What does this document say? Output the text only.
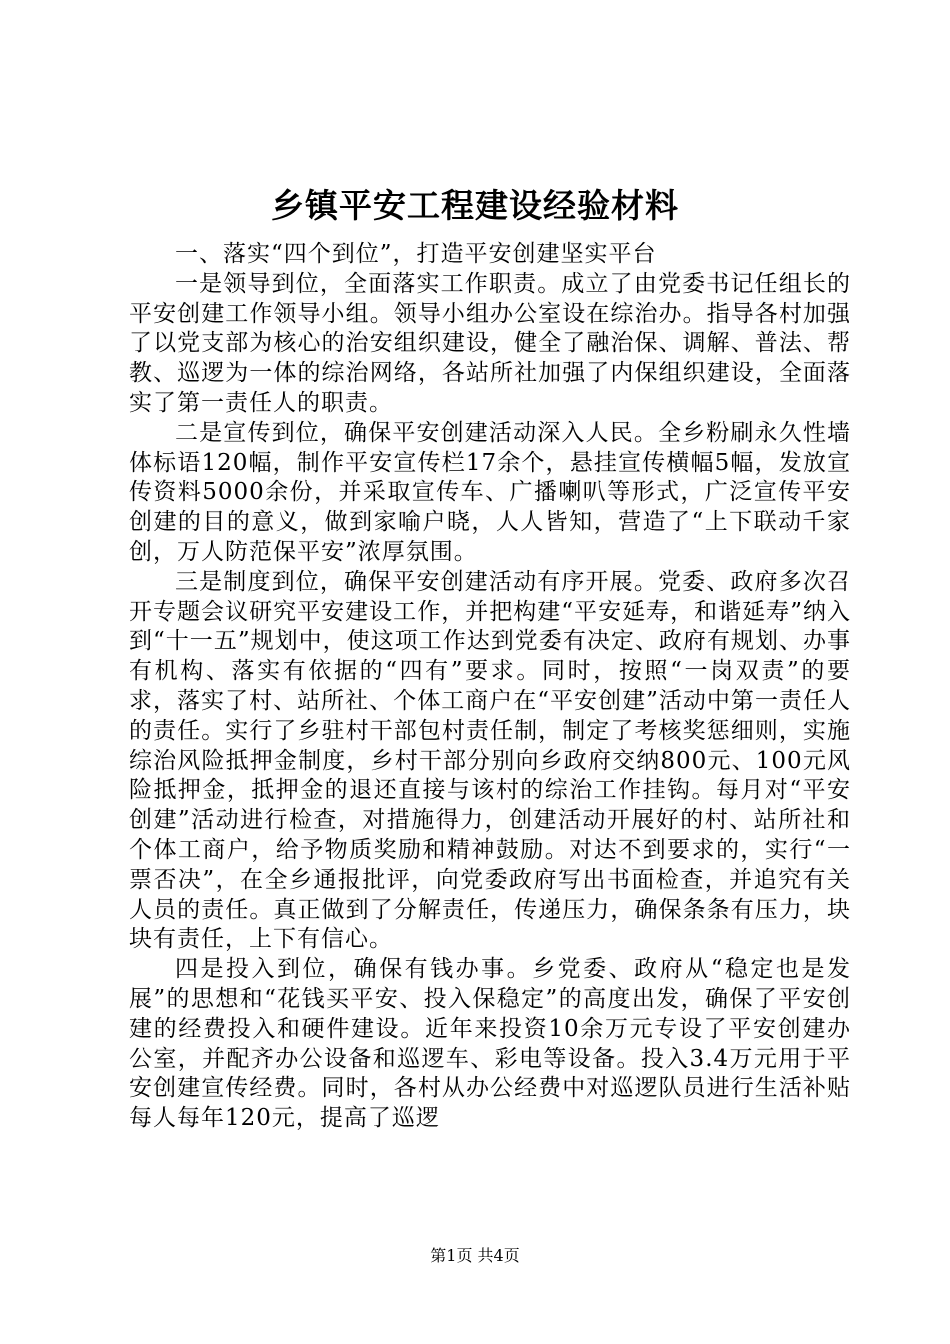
乡镇平安工程建设经验材料

一、落实“四个到位”，打造平安创建坚实平台

一是领导到位，全面落实工作职责。成立了由党委书记任组长的平安创建工作领导小组。领导小组办公室设在综治办。指导各村加强了以党支部为核心的治安组织建设，健全了融治保、调解、普法、帮教、巡逻为一体的综治网络，各站所社加强了内保组织建设，全面落实了第一责任人的职责。

二是宣传到位，确保平安创建活动深入人民。全乡粉刷永久性墙体标语120幅，制作平安宣传栏17余个，悬挂宣传横幅5幅，发放宣传资料5000余份，并采取宣传车、广播喇叭等形式，广泛宣传平安创建的目的意义，做到家喻户晓，人人皆知，营造了“上下联动千家创，万人防范保平安”浓厚氛围。

三是制度到位，确保平安创建活动有序开展。党委、政府多次召开专题会议研究平安建设工作，并把构建“平安延寿，和谐延寿”纳入到“十一五”规划中，使这项工作达到党委有决定、政府有规划、办事有机构、落实有依据的“四有”要求。同时，按照“一岗双责”的要求，落实了村、站所社、个体工商户在“平安创建”活动中第一责任人的责任。实行了乡驻村干部包村责任制，制定了考核奖惩细则，实施综治风险抵押金制度，乡村干部分别向乡政府交纳800元、100元风险抵押金，抵押金的退还直接与该村的综治工作挂钩。每月对“平安创建”活动进行检查，对措施得力，创建活动开展好的村、站所社和个体工商户，给予物质奖励和精神鼓励。对达不到要求的，实行“一票否决”，在全乡通报批评，向党委政府写出书面检查，并追究有关人员的责任。真正做到了分解责任，传递压力，确保条条有压力，块块有责任，上下有信心。

四是投入到位，确保有钱办事。乡党委、政府从“稳定也是发展”的思想和“花钱买平安、投入保稳定”的高度出发，确保了平安创建的经费投入和硬件建设。近年来投资10余万元专设了平安创建办公室，并配齐办公设备和巡逻车、彩电等设备。投入3.4万元用于平安创建宣传经费。同时，各村从办公经费中对巡逻队员进行生活补贴每人每年120元，提高了巡逻

第1页 共4页
